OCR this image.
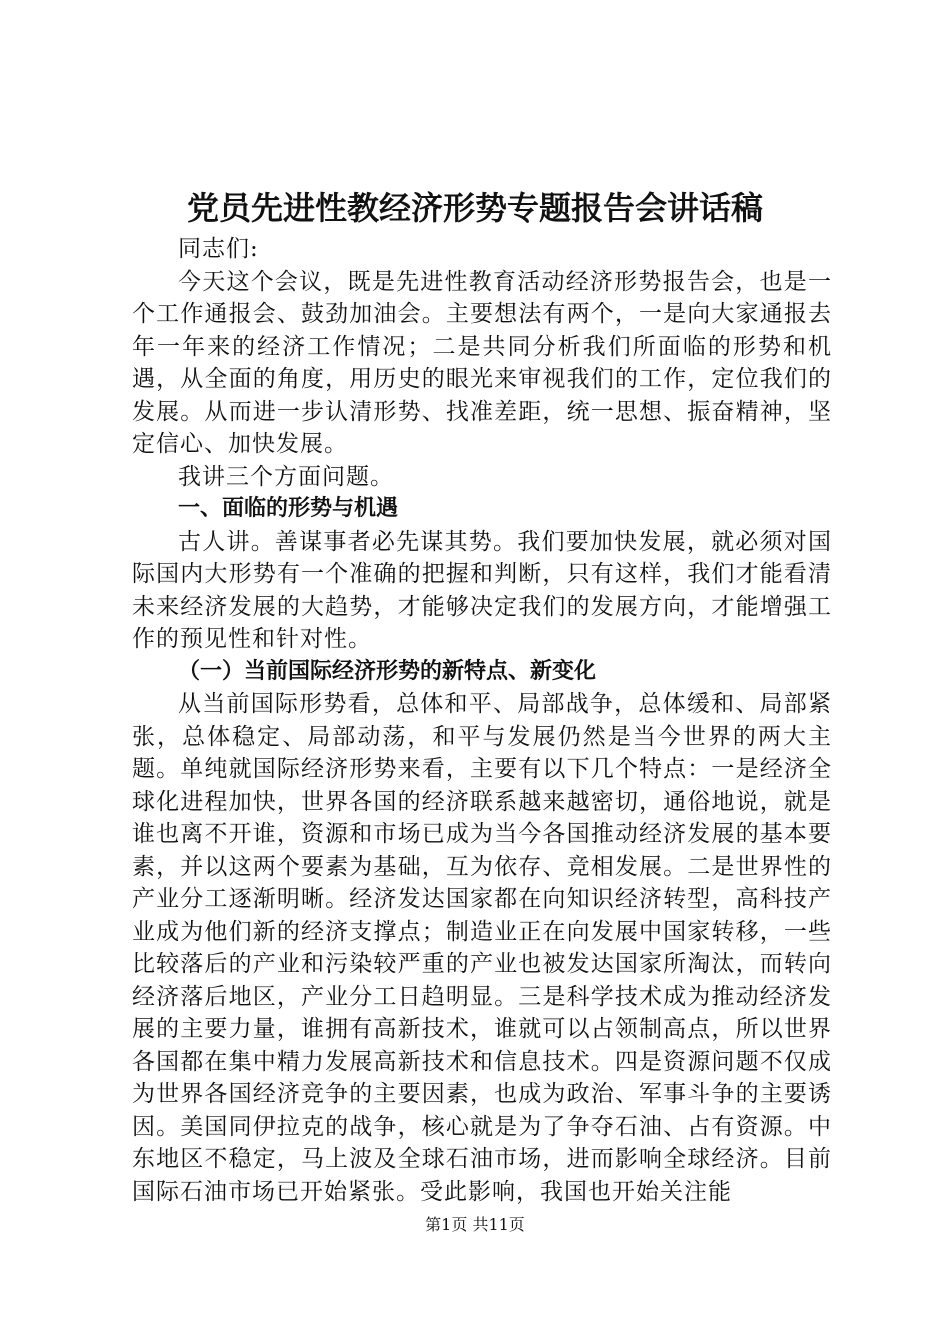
党员先进性教经济形势专题报告会讲话稿

同志们:

今天这个会议，既是先进性教育活动经济形势报告会，也是一个工作通报会、鼓劲加油会。主要想法有两个，一是向大家通报去年一年来的经济工作情况；二是共同分析我们所面临的形势和机遇，从全面的角度，用历史的眼光来审视我们的工作，定位我们的发展。从而进一步认清形势、找准差距，统一思想、振奋精神，坚定信心、加快发展。

我讲三个方面问题。

一、面临的形势与机遇

古人讲。善谋事者必先谋其势。我们要加快发展，就必须对国际国内大形势有一个准确的把握和判断，只有这样，我们才能看清未来经济发展的大趋势，才能够决定我们的发展方向，才能增强工作的预见性和针对性。

（一）当前国际经济形势的新特点、新变化

从当前国际形势看，总体和平、局部战争，总体缓和、局部紧张，总体稳定、局部动荡，和平与发展仍然是当今世界的两大主题。单纯就国际经济形势来看，主要有以下几个特点：一是经济全球化进程加快，世界各国的经济联系越来越密切，通俗地说，就是谁也离不开谁，资源和市场已成为当今各国推动经济发展的基本要素，并以这两个要素为基础，互为依存、竞相发展。二是世界性的产业分工逐渐明晰。经济发达国家都在向知识经济转型，高科技产业成为他们新的经济支撑点；制造业正在向发展中国家转移，一些比较落后的产业和污染较严重的产业也被发达国家所淘汰，而转向经济落后地区，产业分工日趋明显。三是科学技术成为推动经济发展的主要力量，谁拥有高新技术，谁就可以占领制高点，所以世界各国都在集中精力发展高新技术和信息技术。四是资源问题不仅成为世界各国经济竞争的主要因素，也成为政治、军事斗争的主要诱因。美国同伊拉克的战争，核心就是为了争夺石油、占有资源。中东地区不稳定，马上波及全球石油市场，进而影响全球经济。目前国际石油市场已开始紧张。受此影响，我国也开始关注能

第1页 共11页
